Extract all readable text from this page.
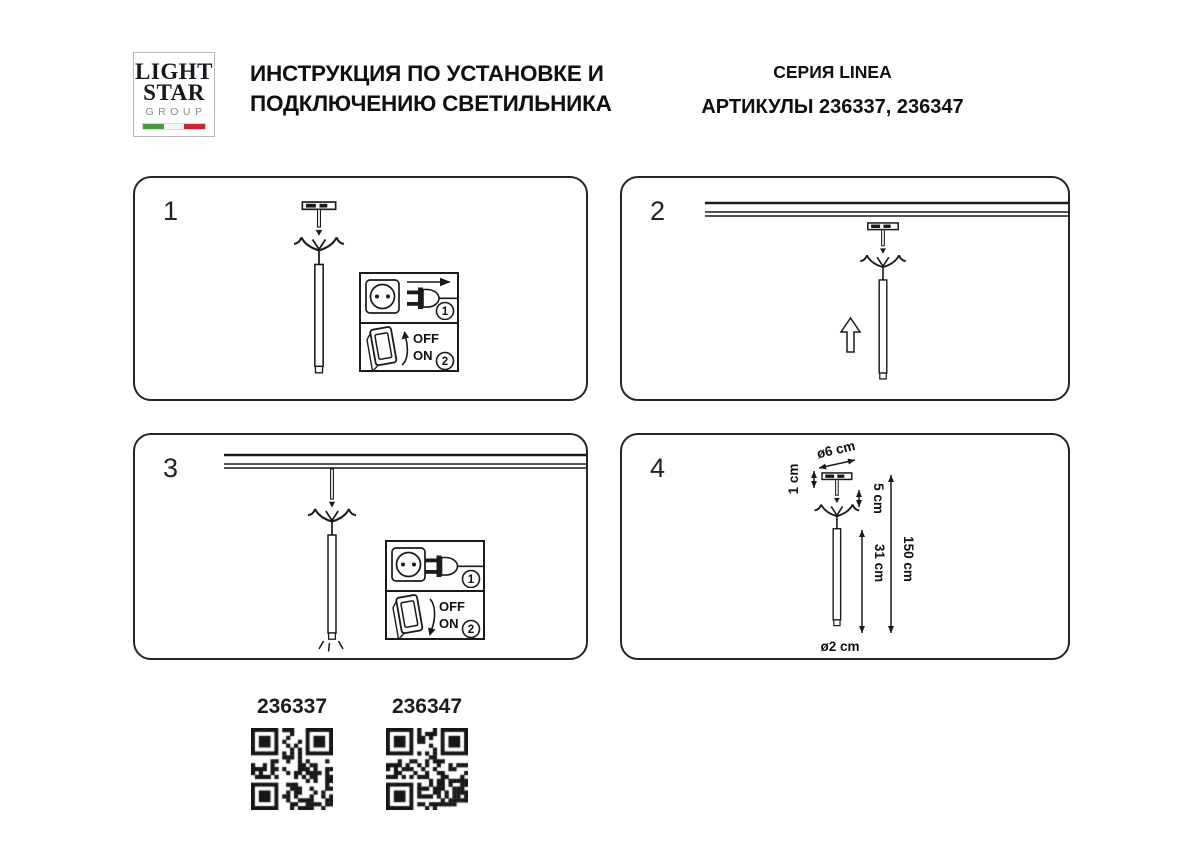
LIGHT
STAR
GROUP
ИНСТРУКЦИЯ ПО УСТАНОВКЕ И
ПОДКЛЮЧЕНИЮ СВЕТИЛЬНИКА
СЕРИЯ LINEA
АРТИКУЛЫ 236337, 236347
1
1
OFF
ON 2
2
3
1
OFF
ON 2
4
ø6 cm
1 cm
5 cm
31 cm 150 cm
ø2 cm
236337	236347
